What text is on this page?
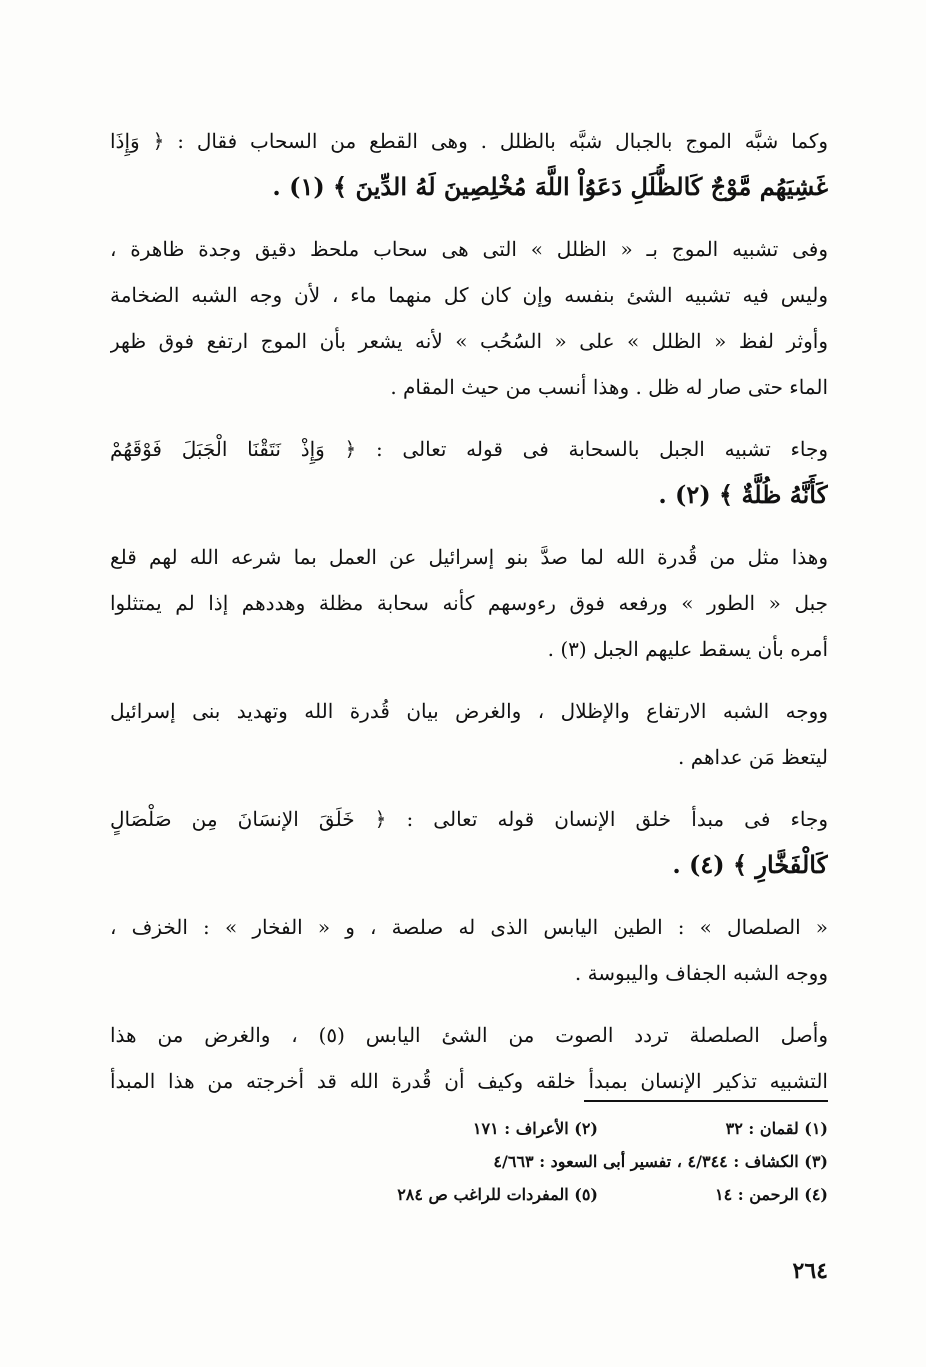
وكما شبَّه الموج بالجبال شبَّه بالظلل . وهى القطع من السحاب فقال : ﴿ وَإِذَا
غَشِيَهُم مَّوْجٌ كَالظُّلَلِ دَعَوُاْ اللَّهَ مُخْلِصِينَ لَهُ الدِّينَ ﴾ (١) .
وفى تشبيه الموج بـ « الظلل » التى هى سحاب ملحظ دقيق وجدة ظاهرة ،
وليس فيه تشبيه الشئ بنفسه وإن كان كل منهما ماء ، لأن وجه الشبه الضخامة
وأوثر لفظ « الظلل » على « السُحُب » لأنه يشعر بأن الموج ارتفع فوق ظهر
الماء حتى صار له ظل . وهذا أنسب من حيث المقام .
وجاء تشبيه الجبل بالسحابة فى قوله تعالى : ﴿ وَإِذْ نَتَقْنَا الْجَبَلَ فَوْقَهُمْ
كَأَنَّهُ ظُلَّةٌ ﴾ (٢) .
وهذا مثل من قُدرة الله لما صدَّ بنو إسرائيل عن العمل بما شرعه الله لهم قلع
جبل « الطور » ورفعه فوق رءوسهم كأنه سحابة مظلة وهددهم إذا لم يمتثلوا
أمره بأن يسقط عليهم الجبل (٣) .
ووجه الشبه الارتفاع والإظلال ، والغرض بيان قُدرة الله وتهديد بنى إسرائيل
ليتعظ مَن عداهم .
وجاء فى مبدأ خلق الإنسان قوله تعالى : ﴿ خَلَقَ الإنسَانَ مِن صَلْصَالٍ
كَالْفَخَّارِ ﴾ (٤) .
« الصلصال » : الطين اليابس الذى له صلصة ، و « الفخار » : الخزف ،
ووجه الشبه الجفاف واليبوسة .
وأصل الصلصلة تردد الصوت من الشئ اليابس (٥) ، والغرض من هذا
التشبيه تذكير الإنسان بمبدأ خلقه وكيف أن قُدرة الله قد أخرجته من هذا المبدأ
(١) لقمان : ٣٢
(٢) الأعراف : ١٧١
(٣) الكشاف : ٤/٣٤٤ ، تفسير أبى السعود : ٤/٦٦٣
(٤) الرحمن : ١٤
(٥) المفردات للراغب ص ٢٨٤
٢٦٤
